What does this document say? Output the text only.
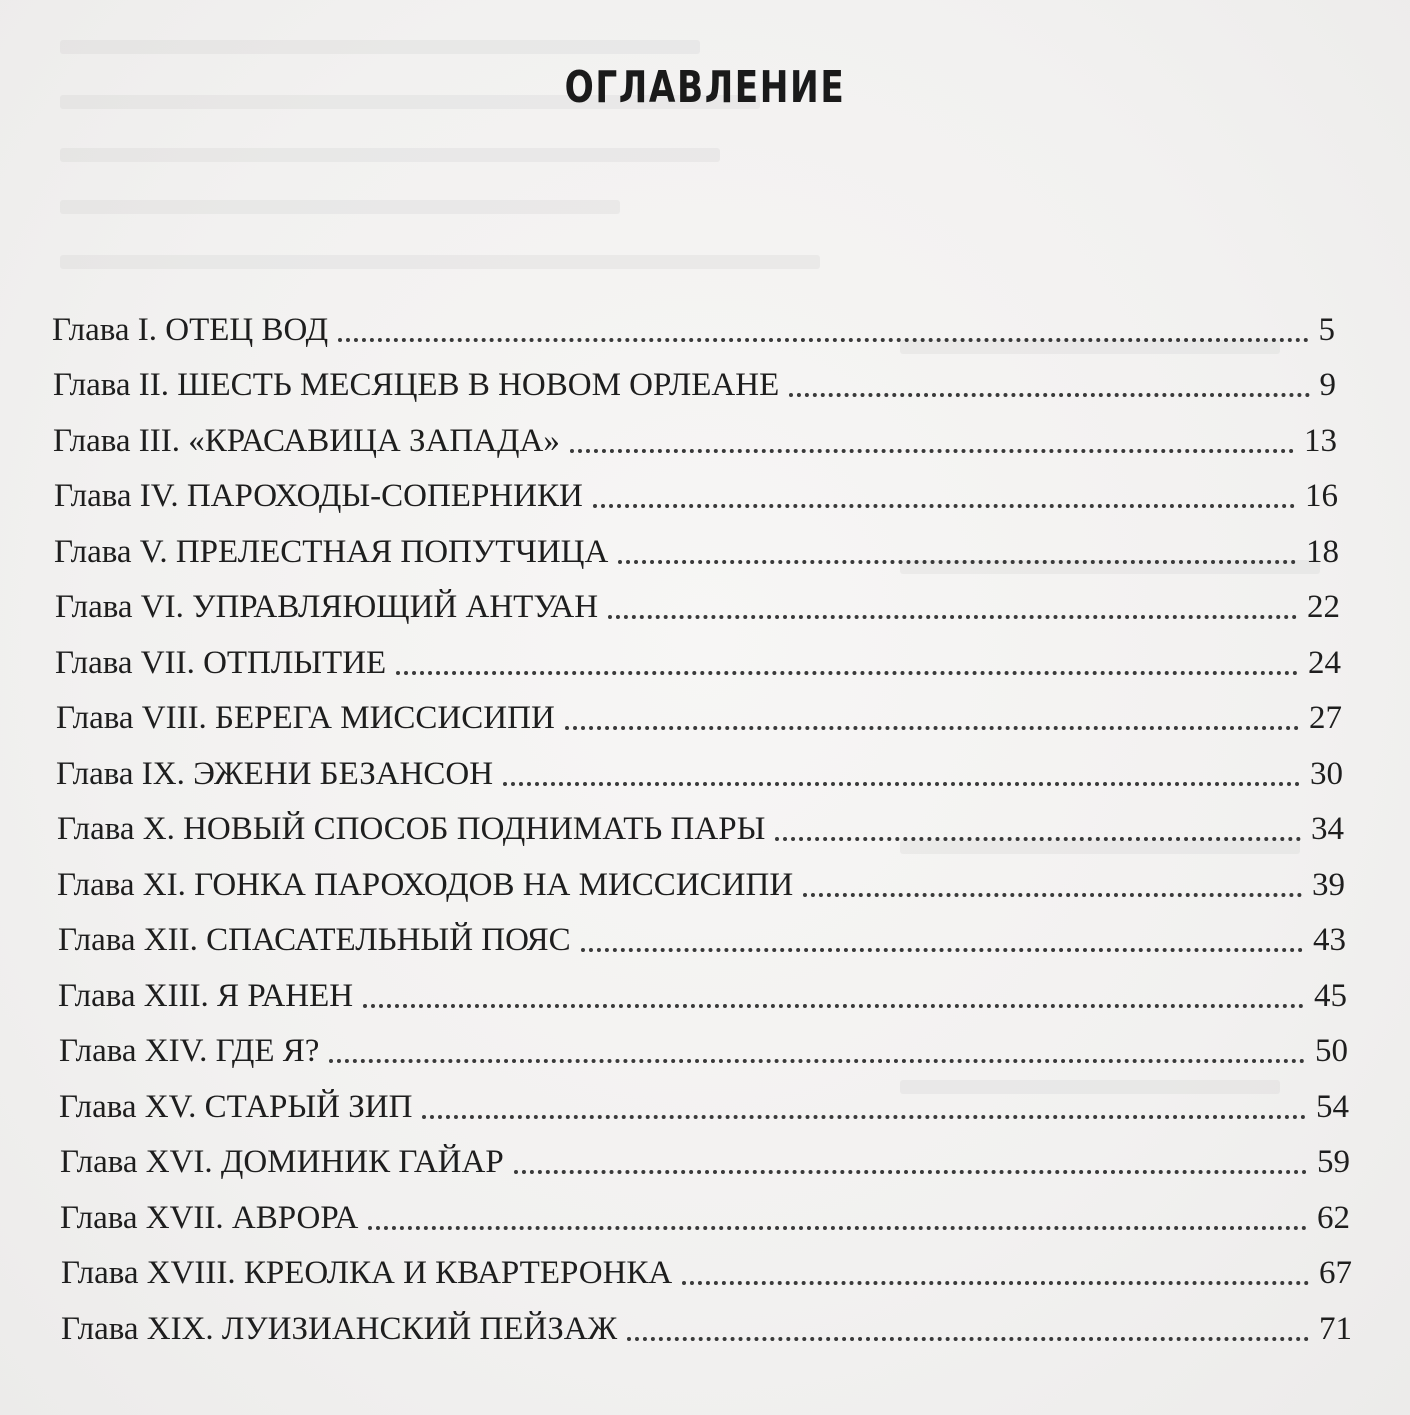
ОГЛАВЛЕНИЕ
Глава I. ОТЕЦ ВОД	5
Глава II. ШЕСТЬ МЕСЯЦЕВ В НОВОМ ОРЛЕАНЕ	9
Глава III. «КРАСАВИЦА ЗАПАДА»	13
Глава IV. ПАРОХОДЫ-СОПЕРНИКИ	16
Глава V. ПРЕЛЕСТНАЯ ПОПУТЧИЦА	18
Глава VI. УПРАВЛЯЮЩИЙ АНТУАН	22
Глава VII. ОТПЛЫТИЕ	24
Глава VIII. БЕРЕГА МИССИСИПИ	27
Глава IX. ЭЖЕНИ БЕЗАНСОН	30
Глава X. НОВЫЙ СПОСОБ ПОДНИМАТЬ ПАРЫ	34
Глава XI. ГОНКА ПАРОХОДОВ НА МИССИСИПИ	39
Глава XII. СПАСАТЕЛЬНЫЙ ПОЯС	43
Глава XIII. Я РАНЕН	45
Глава XIV. ГДЕ Я?	50
Глава XV. СТАРЫЙ ЗИП	54
Глава XVI. ДОМИНИК ГАЙАР	59
Глава XVII. АВРОРА	62
Глава XVIII. КРЕОЛКА И КВАРТЕРОНКА	67
Глава XIX. ЛУИЗИАНСКИЙ ПЕЙЗАЖ	71
